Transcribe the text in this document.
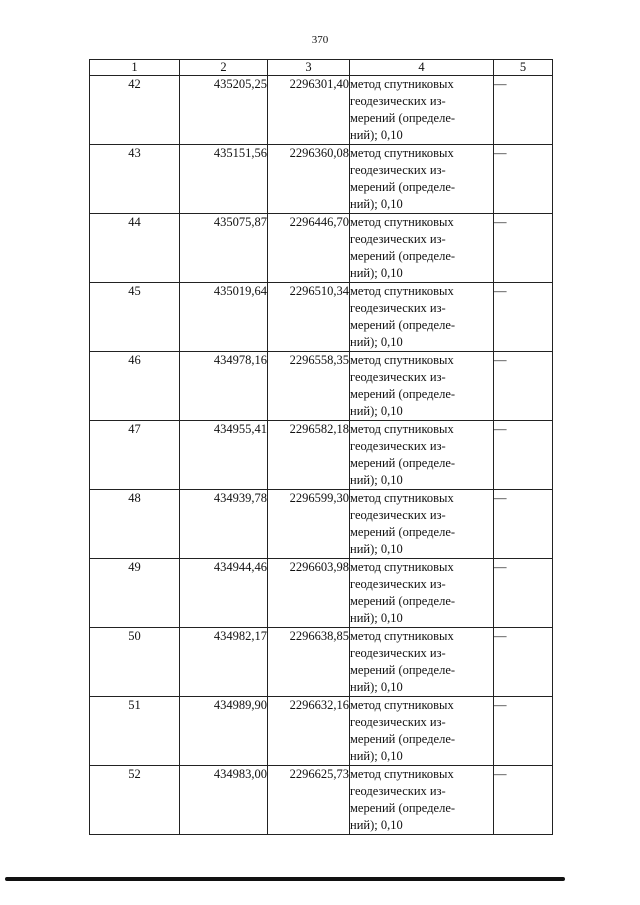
370
1	2	3	4	5
42	435205,25	2296301,40	метод спутниковых
геодезических из-
мерений (определе-
ний); 0,10	—
43	435151,56	2296360,08	метод спутниковых
геодезических из-
мерений (определе-
ний); 0,10	—
44	435075,87	2296446,70	метод спутниковых
геодезических из-
мерений (определе-
ний); 0,10	—
45	435019,64	2296510,34	метод спутниковых
геодезических из-
мерений (определе-
ний); 0,10	—
46	434978,16	2296558,35	метод спутниковых
геодезических из-
мерений (определе-
ний); 0,10	—
47	434955,41	2296582,18	метод спутниковых
геодезических из-
мерений (определе-
ний); 0,10	—
48	434939,78	2296599,30	метод спутниковых
геодезических из-
мерений (определе-
ний); 0,10	—
49	434944,46	2296603,98	метод спутниковых
геодезических из-
мерений (определе-
ний); 0,10	—
50	434982,17	2296638,85	метод спутниковых
геодезических из-
мерений (определе-
ний); 0,10	—
51	434989,90	2296632,16	метод спутниковых
геодезических из-
мерений (определе-
ний); 0,10	—
52	434983,00	2296625,73	метод спутниковых
геодезических из-
мерений (определе-
ний); 0,10	—
